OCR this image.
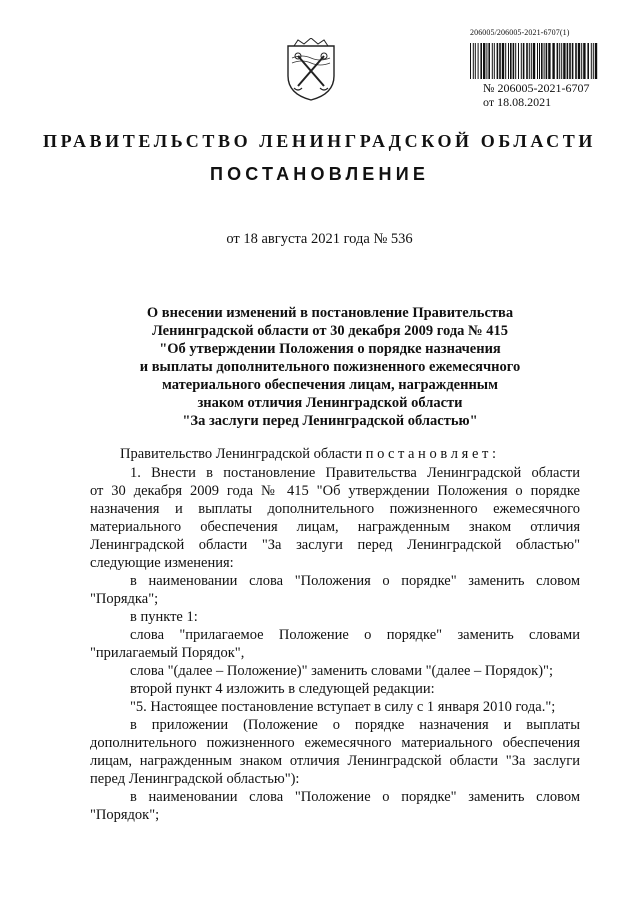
206005/206005-2021-6707(1)
№ 206005-2021-6707
от 18.08.2021
ПРАВИТЕЛЬСТВО ЛЕНИНГРАДСКОЙ ОБЛАСТИ
ПОСТАНОВЛЕНИЕ
от 18 августа 2021 года № 536
О внесении изменений в постановление Правительства
Ленинградской области от 30 декабря 2009 года № 415
"Об утверждении Положения о порядке назначения
и выплаты дополнительного пожизненного ежемесячного
материального обеспечения лицам, награжденным
знаком отличия Ленинградской области
"За заслуги перед Ленинградской областью"
Правительство Ленинградской области п о с т а н о в л я е т :
1. Внести в постановление Правительства Ленинградской области
от 30 декабря 2009 года № 415 "Об утверждении Положения о порядке
назначения и выплаты дополнительного пожизненного ежемесячного
материального обеспечения лицам, награжденным знаком отличия
Ленинградской области "За заслуги перед Ленинградской областью"
следующие изменения:
в наименовании слова "Положения о порядке" заменить словом
"Порядка";
в пункте 1:
слова "прилагаемое Положение о порядке" заменить словами
"прилагаемый Порядок",
слова "(далее – Положение)" заменить словами "(далее – Порядок)";
второй пункт 4 изложить в следующей редакции:
"5. Настоящее постановление вступает в силу с 1 января 2010 года.";
в приложении (Положение о порядке назначения и выплаты
дополнительного пожизненного ежемесячного материального обеспечения
лицам, награжденным знаком отличия Ленинградской области "За заслуги
перед Ленинградской областью"):
в наименовании слова "Положение о порядке" заменить словом
"Порядок";
